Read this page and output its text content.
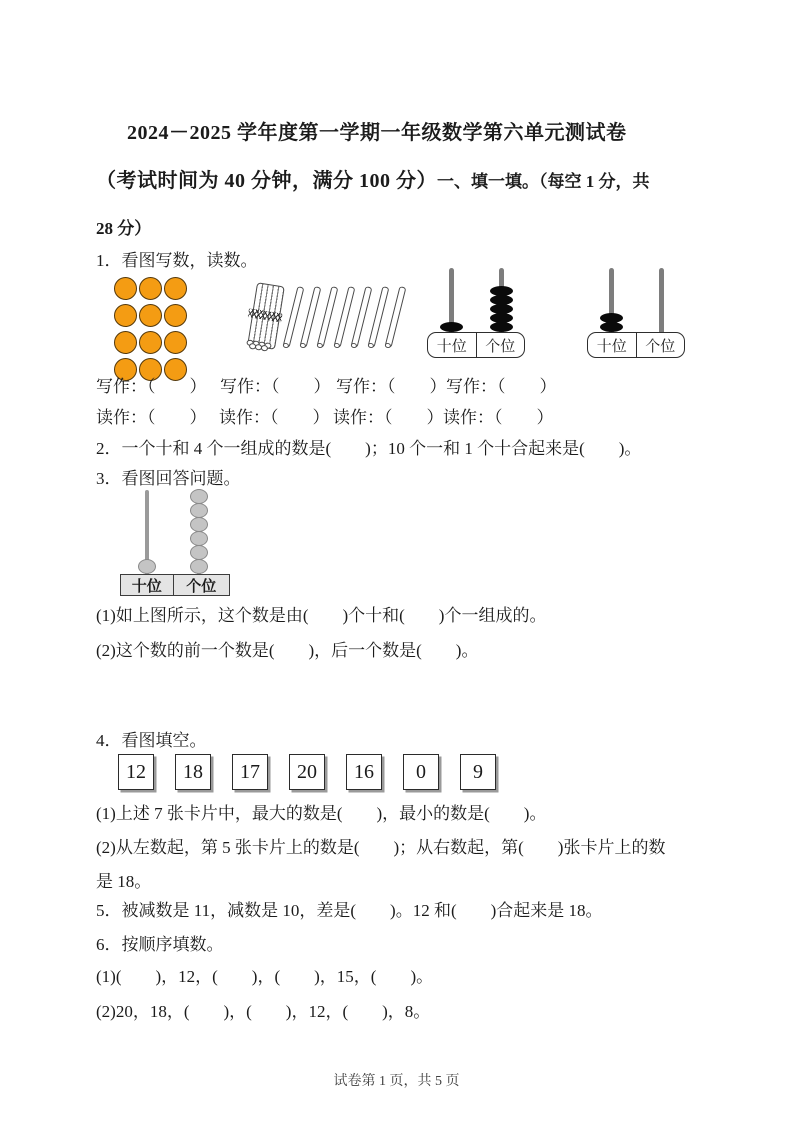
2024－2025 学年度第一学期一年级数学第六单元测试卷
（考试时间为 40 分钟，满分 100 分）一、填一填。（每空 1 分，共
28 分）
1．看图写数，读数。
十位	个位	十位	个位
写作：（　　） 写作：（　　） 写作：（　　） 写作：（　　）
读作：（　　） 读作：（　　） 读作：（　　） 读作：（　　）
2．一个十和 4 个一组成的数是(　　)；10 个一和 1 个十合起来是(　　)。
3．看图回答问题。
十位	个位
(1)如上图所示，这个数是由(　　)个十和(　　)个一组成的。
(2)这个数的前一个数是(　　)，后一个数是(　　)。
4．看图填空。
12	18	17	20	16	0	9
(1)上述 7 张卡片中，最大的数是(　　)，最小的数是(　　)。
(2)从左数起，第 5 张卡片上的数是(　　)；从右数起，第(　　)张卡片上的数
是 18。
5．被减数是 11，减数是 10，差是(　　)。12 和(　　)合起来是 18。
6．按顺序填数。
(1)(　　)，12，(　　)，(　　)，15，(　　)。
(2)20，18，(　　)，(　　)，12，(　　)，8。
试卷第 1 页，共 5 页
